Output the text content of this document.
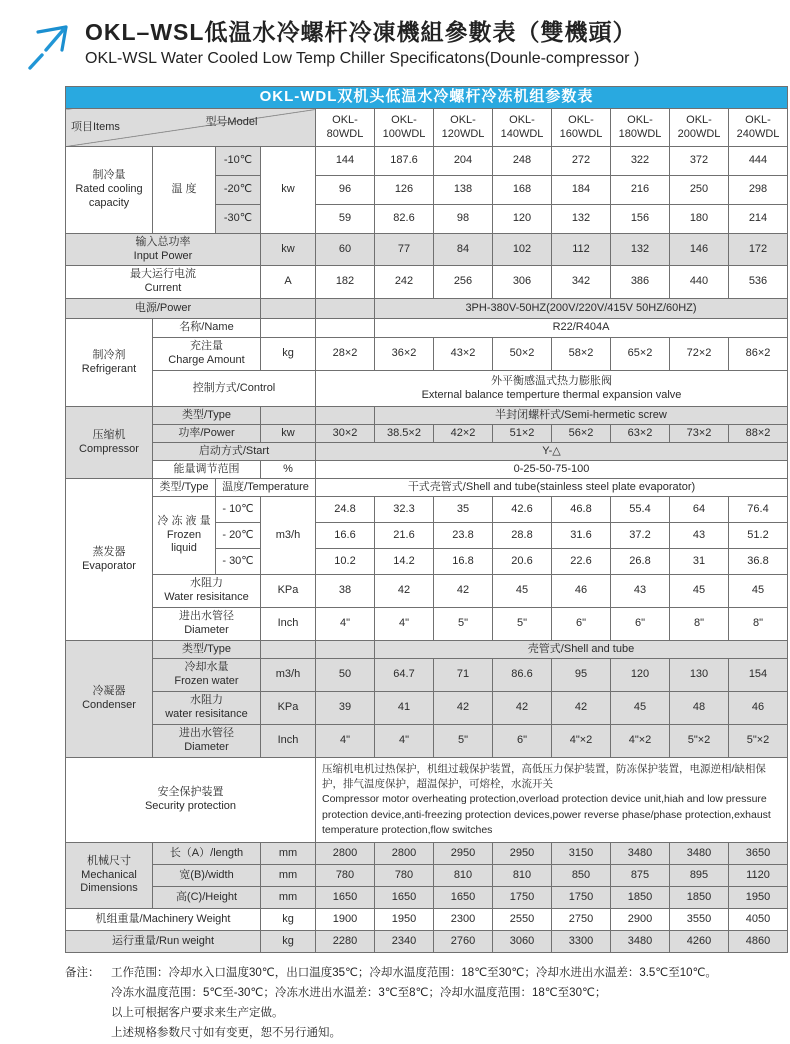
OKL–WSL低温水冷螺杆冷凍機組參數表（雙機頭）
OKL-WSL Water Cooled Low Temp Chiller Specificatons(Dounle-compressor )
OKL-WDL双机头低温水冷螺杆冷冻机组参数表											

项目Items 型号Model				OKL-80WDL	OKL-100WDL	OKL-120WDL	OKL-140WDL	OKL-160WDL	OKL-180WDL	OKL-200WDL	OKL-240WDL

制冷量
Rated cooling capacity	温 度	-10℃	kw	144	187.6	204	248	272	322	372	444
		-20℃		96	126	138	168	184	216	250	298
		-30℃		59	82.6	98	120	132	156	180	214

输入总功率
Input Power			kw	60	77	84	102	112	132	146	172

最大运行电流
Current			A	182	242	256	306	342	386	440	536
电源/Power					3PH-380V-50HZ(200V/220V/415V 50HZ/60HZ)						

制冷剂
Refrigerant	名称/Name				R22/R404A						

	充注量
Charge Amount		kg	28×2	36×2	43×2	50×2	58×2	65×2	72×2	86×2
	控制方式/Control			外平衡感温式热力膨胀阀
External balance temperture thermal expansion valve							

压缩机
Compressor	类型/Type				半封闭螺杆式/Semi-hermetic screw						
	功率/Power		kw	30×2	38.5×2	42×2	51×2	56×2	63×2	73×2	88×2
	启动方式/Start			Y-△							
	能量调节范围		%	0-25-50-75-100							

蒸发器
Evaporator	类型/Type	温度/Temperature		干式壳管式/Shell and tube(stainless steel plate evaporator)							

	冷 冻 液 量
Frozen liquid	- 10℃	m3/h	24.8	32.3	35	42.6	46.8	55.4	64	76.4
		- 20℃		16.6	21.6	23.8	28.8	31.6	37.2	43	51.2
		- 30℃		10.2	14.2	16.8	20.6	22.6	26.8	31	36.8

	水阻力
Water resisitance		KPa	38	42	42	45	46	43	45	45

	进出水管径
Diameter		Inch	4"	4"	5"	5"	6"	6"	8"	8"

冷凝器
Condenser	类型/Type				壳管式/Shell and tube						

	冷却水量
Frozen water		m3/h	50	64.7	71	86.6	95	120	130	154

	水阻力
water resisitance		KPa	39	41	42	42	42	45	48	46

	进出水管径
Diameter		Inch	4"	4"	5"	6"	4"×2	4"×2	5"×2	5"×2

安全保护装置
Security protection

压缩机电机过热保护，机组过载保护装置，高低压力保护装置，防冻保护装置，电源逆相/缺相保护，排气温度保护，超温保护，可熔栓，水流开关
Compressor motor overheating protection,overload protection device unit,hiah and low pressure protection device,anti-freezing protection devices,power reverse phase/phase protection,exhaust temperature protection,flow switches

机械尺寸
Mechanical Dimensions	长（A）/length		mm	2800	2800	2950	2950	3150	3480	3480	3650
	宽(B)/width		mm	780	780	810	810	850	875	895	1120
	高(C)/Height		mm	1650	1650	1650	1750	1750	1850	1850	1950
机组重量/Machinery Weight			kg	1900	1950	2300	2550	2750	2900	3550	4050
运行重量/Run weight			kg	2280	2340	2760	3060	3300	3480	4260	4860
备注：	工作范围：冷却水入口温度30℃，出口温度35℃；冷却水温度范围：18℃至30℃；冷却水进出水温差：3.5℃至10℃。
冷冻水温度范围：5℃至-30℃；冷冻水进出水温差：3℃至8℃；冷却水温度范围：18℃至30℃；
以上可根据客户要求来生产定做。
上述规格参数尺寸如有变更，恕不另行通知。
